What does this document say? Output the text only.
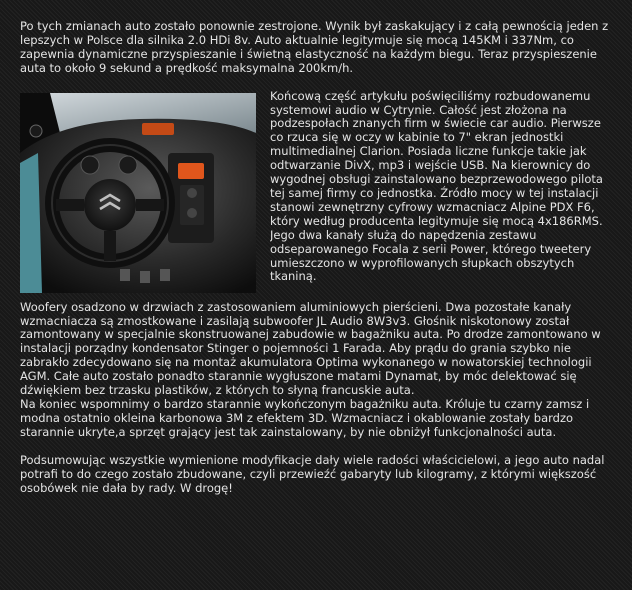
Po tych zmianach auto zostało ponownie zestrojone. Wynik był zaskakujący i z całą pewnością jeden z lepszych w Polsce dla silnika 2.0 HDi 8v. Auto aktualnie legitymuje się mocą 145KM i 337Nm, co zapewnia dynamiczne przyspieszanie i świetną elastyczność na każdym biegu. Teraz przyspieszenie auta to około 9 sekund a prędkość maksymalna 200km/h.

Końcową część artykułu poświęciliśmy rozbudowanemu systemowi audio w Cytrynie. Całość jest złożona na podzespołach znanych firm w świecie car audio. Pierwsze co rzuca się w oczy w kabinie to 7" ekran jednostki multimedialnej Clarion. Posiada liczne funkcje takie jak odtwarzanie DivX, mp3 i wejście USB. Na kierownicy do wygodnej obsługi zainstalowano bezprzewodowego pilota tej samej firmy co jednostka. Źródło mocy w tej instalacji stanowi zewnętrzny cyfrowy wzmacniacz Alpine PDX F6, który według producenta legitymuje się mocą 4x186RMS. Jego dwa kanały służą do napędzenia zestawu odseparowanego Focala z serii Power, którego tweetery umieszczono w wyprofilowanych słupkach obszytych tkaniną.

Woofery osadzono w drzwiach z zastosowaniem aluminiowych pierścieni. Dwa pozostałe kanały wzmacniacza są zmostkowane i zasilają subwoofer JL Audio 8W3v3. Głośnik niskotonowy został zamontowany w specjalnie skonstruowanej zabudowie w bagażniku auta. Po drodze zamontowano w instalacji porządny kondensator Stinger o pojemności 1 Farada. Aby prądu do grania szybko nie zabrakło zdecydowano się na montaż akumulatora Optima wykonanego w nowatorskiej technologii AGM. Całe auto zostało ponadto starannie wygłuszone matami Dynamat, by móc delektować się dźwiękiem bez trzasku plastików, z których to słyną francuskie auta.

Na koniec wspomnimy o bardzo starannie wykończonym bagażniku auta. Króluje tu czarny zamsz i modna ostatnio okleina karbonowa 3M z efektem 3D. Wzmacniacz i okablowanie zostały bardzo starannie ukryte,a sprzęt grający jest tak zainstalowany, by nie obniżył funkcjonalności auta.

Podsumowując wszystkie wymienione modyfikacje dały wiele radości właścicielowi, a jego auto nadal potrafi to do czego zostało zbudowane, czyli przewieźć gabaryty lub kilogramy, z którymi większość osobówek nie dała by rady. W drogę!
